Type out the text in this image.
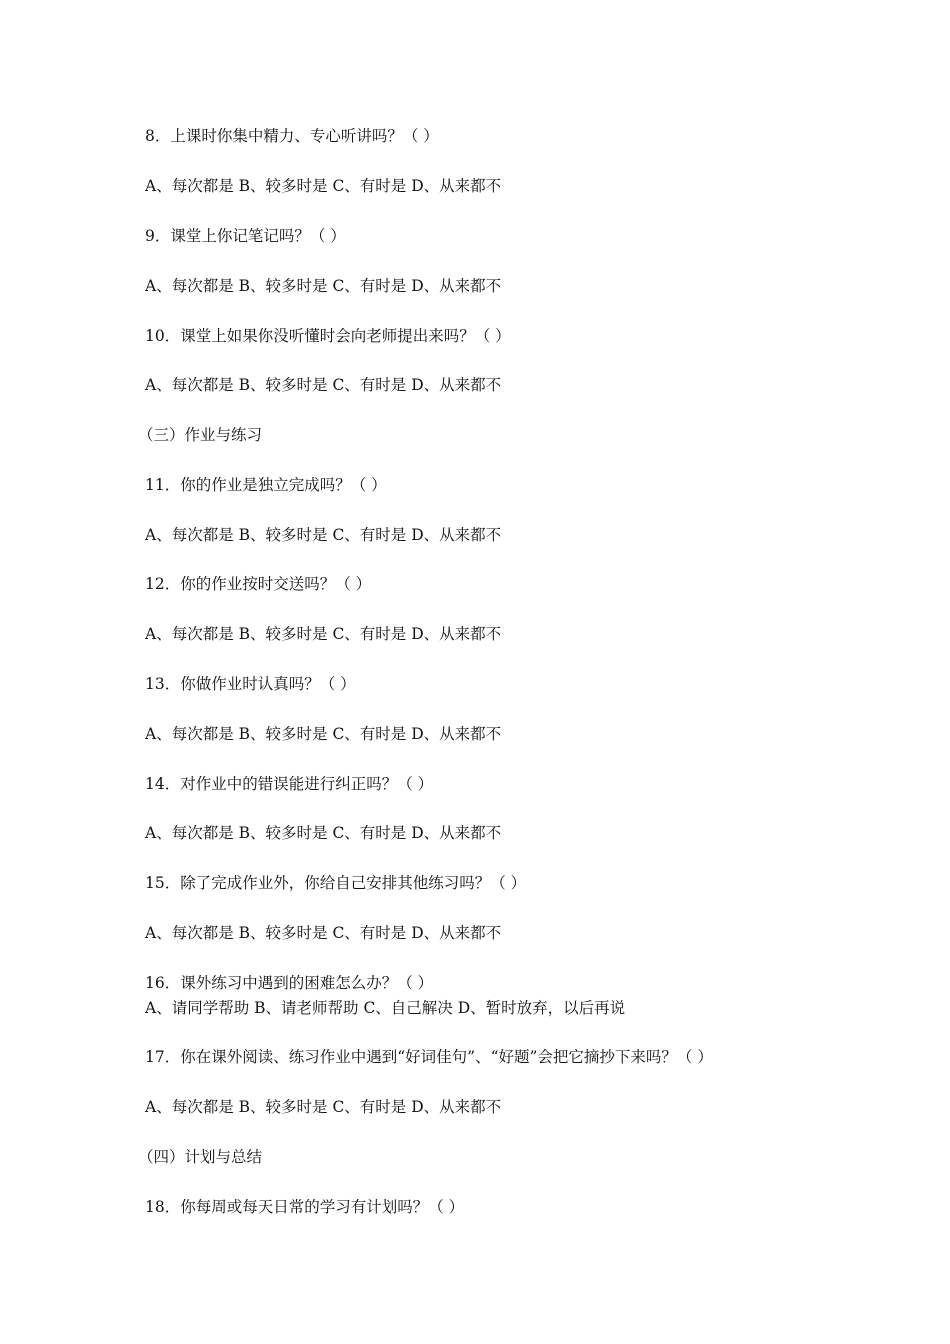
8．上课时你集中精力、专心听讲吗？（ ）
A、每次都是 B、较多时是 C、有时是 D、从来都不
9．课堂上你记笔记吗？（ ）
A、每次都是 B、较多时是 C、有时是 D、从来都不
10．课堂上如果你没听懂时会向老师提出来吗？（ ）
A、每次都是 B、较多时是 C、有时是 D、从来都不
（三）作业与练习
11．你的作业是独立完成吗？（ ）
A、每次都是 B、较多时是 C、有时是 D、从来都不
12．你的作业按时交送吗？（ ）
A、每次都是 B、较多时是 C、有时是 D、从来都不
13．你做作业时认真吗？（ ）
A、每次都是 B、较多时是 C、有时是 D、从来都不
14．对作业中的错误能进行纠正吗？（ ）
A、每次都是 B、较多时是 C、有时是 D、从来都不
15．除了完成作业外，你给自己安排其他练习吗？（ ）
A、每次都是 B、较多时是 C、有时是 D、从来都不
16．课外练习中遇到的困难怎么办？（ ）
A、请同学帮助 B、请老师帮助 C、自己解决 D、暂时放弃，以后再说
17．你在课外阅读、练习作业中遇到“好词佳句”、“好题”会把它摘抄下来吗？（ ）
A、每次都是 B、较多时是 C、有时是 D、从来都不
（四）计划与总结
18．你每周或每天日常的学习有计划吗？（ ）
